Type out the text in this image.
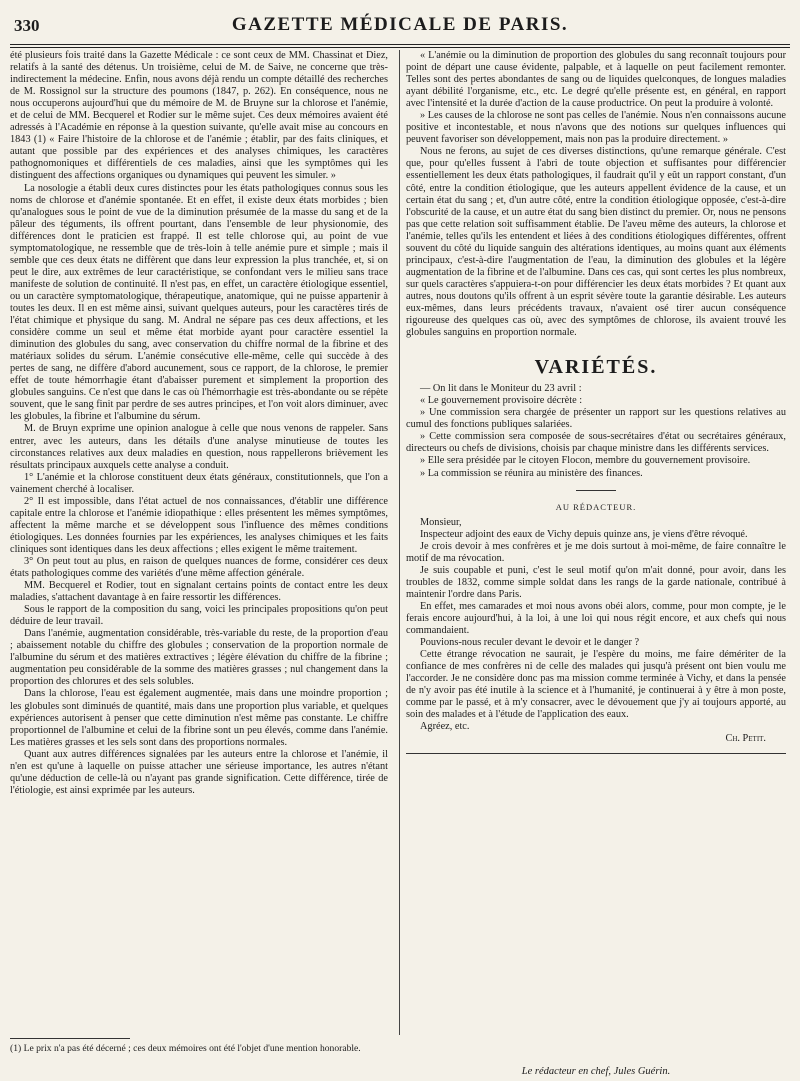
330	GAZETTE MÉDICALE DE PARIS.

été plusieurs fois traité dans la Gazette Médicale : ce sont ceux de MM. Chassinat et Diez, relatifs à la santé des détenus. Un troisième, celui de M. de Saive, ne concerne que très-indirectement la médecine. Enfin, nous avons déjà rendu un compte détaillé des recherches de M. Rossignol sur la structure des poumons (1847, p. 262). En conséquence, nous ne nous occuperons aujourd'hui que du mémoire de M. de Bruyne sur la chlorose et l'anémie, et de celui de MM. Becquerel et Rodier sur le même sujet. Ces deux mémoires avaient été adressés à l'Académie en réponse à la question suivante, qu'elle avait mise au concours en 1843 (1) « Faire l'histoire de la chlorose et de l'anémie ; établir, par des faits cliniques, et autant que possible par des expériences et des analyses chimiques, les caractères pathognomoniques et différentiels de ces maladies, ainsi que les symptômes qui les distinguent des affections organiques ou dynamiques qui peuvent les simuler. »

La nosologie a établi deux cures distinctes pour les états pathologiques connus sous les noms de chlorose et d'anémie spontanée. Et en effet, il existe deux états morbides ; bien qu'analogues sous le point de vue de la diminution présumée de la masse du sang et de la pâleur des téguments, ils offrent pourtant, dans l'ensemble de leur physionomie, des différences dont le praticien est frappé. Il est telle chlorose qui, au point de vue symptomatologique, ne ressemble que de très-loin à telle anémie pure et simple ; mais il semble que ces deux états ne diffèrent que dans leur expression la plus tranchée, et, si on peut le dire, aux extrêmes de leur caractéristique, se confondant vers le milieu sans trace manifeste de solution de continuité. Il n'est pas, en effet, un caractère étiologique essentiel, ou un caractère symptomatologique, thérapeutique, anatomique, qui ne puisse appartenir à toutes les deux. Il en est même ainsi, suivant quelques auteurs, pour les caractères tirés de l'état chimique et physique du sang. M. Andral ne sépare pas ces deux affections, et les considère comme un seul et même état morbide ayant pour caractère essentiel la diminution des globules du sang, avec conservation du chiffre normal de la fibrine et des matériaux solides du sérum. L'anémie consécutive elle-même, celle qui succède à des pertes de sang, ne diffère d'abord aucunement, sous ce rapport, de la chlorose, le premier effet de toute hémorrhagie étant d'abaisser purement et simplement la proportion des globules sanguins. Ce n'est que dans le cas où l'hémorrhagie est très-abondante ou se répète souvent, que le sang finit par perdre de ses autres principes, et l'on voit alors diminuer, avec les globules, la fibrine et l'albumine du sérum.

M. de Bruyn exprime une opinion analogue à celle que nous venons de rappeler. Sans entrer, avec les auteurs, dans les détails d'une analyse minutieuse de toutes les circonstances relatives aux deux maladies en question, nous rappellerons brièvement les résultats principaux auxquels cette analyse a conduit.

1° L'anémie et la chlorose constituent deux états généraux, constitutionnels, que l'on a vainement cherché à localiser.

2° Il est impossible, dans l'état actuel de nos connaissances, d'établir une différence capitale entre la chlorose et l'anémie idiopathique : elles présentent les mêmes symptômes, affectent la même marche et se développent sous l'influence des mêmes conditions étiologiques. Les données fournies par les expériences, les analyses chimiques et les faits cliniques sont identiques dans les deux affections ; elles exigent le même traitement.

3° On peut tout au plus, en raison de quelques nuances de forme, considérer ces deux états pathologiques comme des variétés d'une même affection générale.

MM. Becquerel et Rodier, tout en signalant certains points de contact entre les deux maladies, s'attachent davantage à en faire ressortir les différences.

Sous le rapport de la composition du sang, voici les principales propositions qu'on peut déduire de leur travail.

Dans l'anémie, augmentation considérable, très-variable du reste, de la proportion d'eau ; abaissement notable du chiffre des globules ; conservation de la proportion normale de l'albumine du sérum et des matières extractives ; légère élévation du chiffre de la fibrine ; augmentation peu considérable de la somme des matières grasses ; nul changement dans la proportion des chlorures et des sels solubles.

Dans la chlorose, l'eau est également augmentée, mais dans une moindre proportion ; les globules sont diminués de quantité, mais dans une proportion plus variable, et quelques expériences autorisent à penser que cette diminution n'est même pas constante. Le chiffre proportionnel de l'albumine et celui de la fibrine sont un peu élevés, comme dans l'anémie. Les matières grasses et les sels sont dans des proportions normales.

Quant aux autres différences signalées par les auteurs entre la chlorose et l'anémie, il n'en est qu'une à laquelle on puisse attacher une sérieuse importance, les autres n'étant qu'une déduction de celle-là ou n'ayant pas grande signification. Cette différence, tirée de l'étiologie, est ainsi exprimée par les auteurs.

(1) Le prix n'a pas été décerné ; ces deux mémoires ont été l'objet d'une mention honorable.

« L'anémie ou la diminution de proportion des globules du sang reconnaît toujours pour point de départ une cause évidente, palpable, et à laquelle on peut facilement remonter. Telles sont des pertes abondantes de sang ou de liquides quelconques, de longues maladies ayant débilité l'organisme, etc., etc. Le degré qu'elle présente est, en général, en rapport avec l'intensité et la durée d'action de la cause productrice. On peut la produire à volonté.

» Les causes de la chlorose ne sont pas celles de l'anémie. Nous n'en connaissons aucune positive et incontestable, et nous n'avons que des notions sur quelques influences qui peuvent favoriser son développement, mais non pas la produire directement. »

Nous ne ferons, au sujet de ces diverses distinctions, qu'une remarque générale. C'est que, pour qu'elles fussent à l'abri de toute objection et suffisantes pour différencier essentiellement les deux états pathologiques, il faudrait qu'il y eût un rapport constant, d'un côté, entre la condition étiologique, que les auteurs appellent évidence de la cause, et un certain état du sang ; et, d'un autre côté, entre la condition étiologique opposée, c'est-à-dire l'obscurité de la cause, et un autre état du sang bien distinct du premier. Or, nous ne pensons pas que cette relation soit suffisamment établie. De l'aveu même des auteurs, la chlorose et l'anémie, telles qu'ils les entendent et liées à des conditions étiologiques différentes, offrent souvent du côté du liquide sanguin des altérations identiques, au moins quant aux éléments principaux, c'est-à-dire l'augmentation de l'eau, la diminution des globules et la légère augmentation de la fibrine et de l'albumine. Dans ces cas, qui sont certes les plus nombreux, sur quels caractères s'appuiera-t-on pour différencier les deux états morbides ? Et quant aux autres, nous doutons qu'ils offrent à un esprit sévère toute la garantie désirable. Les auteurs eux-mêmes, dans leurs précédents travaux, n'avaient osé tirer aucun conséquence rigoureuse des quelques cas où, avec des symptômes de chlorose, ils avaient trouvé les globules sanguins en proportion normale.

VARIÉTÉS.

— On lit dans le Moniteur du 23 avril :

« Le gouvernement provisoire décrète :

» Une commission sera chargée de présenter un rapport sur les questions relatives au cumul des fonctions publiques salariées.

» Cette commission sera composée de sous-secrétaires d'état ou secrétaires généraux, directeurs ou chefs de divisions, choisis par chaque ministre dans les différents services.

» Elle sera présidée par le citoyen Flocon, membre du gouvernement provisoire.

» La commission se réunira au ministère des finances.

AU RÉDACTEUR.

Monsieur,

Inspecteur adjoint des eaux de Vichy depuis quinze ans, je viens d'être révoqué.

Je crois devoir à mes confrères et je me dois surtout à moi-même, de faire connaître le motif de ma révocation.

Je suis coupable et puni, c'est le seul motif qu'on m'ait donné, pour avoir, dans les troubles de 1832, comme simple soldat dans les rangs de la garde nationale, contribué à maintenir l'ordre dans Paris.

En effet, mes camarades et moi nous avons obéi alors, comme, pour mon compte, je le ferais encore aujourd'hui, à la loi, à une loi qui nous régit encore, et aux chefs qui nous commandaient.

Pouvions-nous reculer devant le devoir et le danger ?

Cette étrange révocation ne saurait, je l'espère du moins, me faire démériter de la confiance de mes confrères ni de celle des malades qui jusqu'à présent ont bien voulu me l'accorder. Je ne considère donc pas ma mission comme terminée à Vichy, et dans la pensée de n'y avoir pas été inutile à la science et à l'humanité, je continuerai à y être à mon poste, comme par le passé, et à m'y consacrer, avec le dévouement que j'y ai toujours apporté, au soin des malades et à l'étude de l'application des eaux.

Agréez, etc.

Ch. Petit.
Le rédacteur en chef, Jules Guérin.
